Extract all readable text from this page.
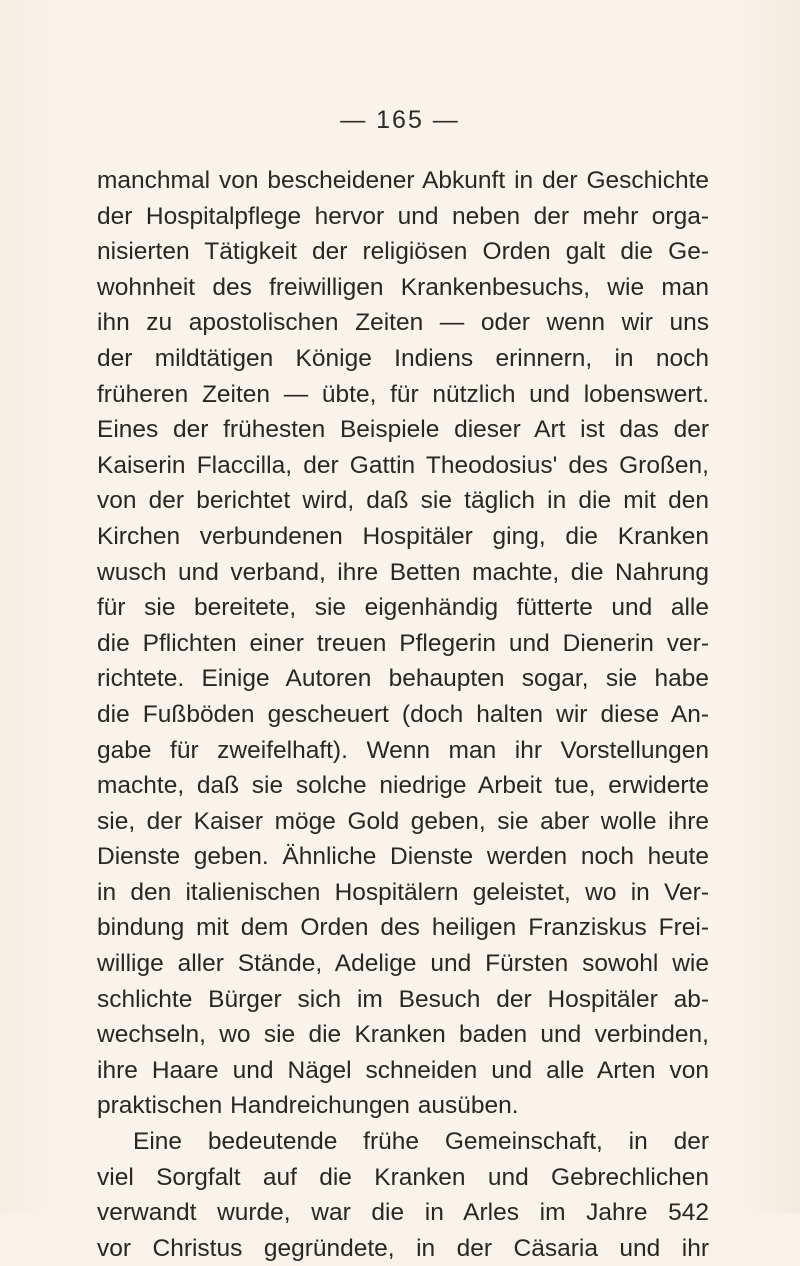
— 165 —
manchmal von bescheidener Abkunft in der Geschichte
der Hospitalpflege hervor und neben der mehr orga-
nisierten Tätigkeit der religiösen Orden galt die Ge-
wohnheit des freiwilligen Krankenbesuchs, wie man
ihn zu apostolischen Zeiten — oder wenn wir uns
der mildtätigen Könige Indiens erinnern, in noch
früheren Zeiten — übte, für nützlich und lobenswert.
Eines der frühesten Beispiele dieser Art ist das der
Kaiserin Flaccilla, der Gattin Theodosius' des Großen,
von der berichtet wird, daß sie täglich in die mit den
Kirchen verbundenen Hospitäler ging, die Kranken
wusch und verband, ihre Betten machte, die Nahrung
für sie bereitete, sie eigenhändig fütterte und alle
die Pflichten einer treuen Pflegerin und Dienerin ver-
richtete. Einige Autoren behaupten sogar, sie habe
die Fußböden gescheuert (doch halten wir diese An-
gabe für zweifelhaft). Wenn man ihr Vorstellungen
machte, daß sie solche niedrige Arbeit tue, erwiderte
sie, der Kaiser möge Gold geben, sie aber wolle ihre
Dienste geben. Ähnliche Dienste werden noch heute
in den italienischen Hospitälern geleistet, wo in Ver-
bindung mit dem Orden des heiligen Franziskus Frei-
willige aller Stände, Adelige und Fürsten sowohl wie
schlichte Bürger sich im Besuch der Hospitäler ab-
wechseln, wo sie die Kranken baden und verbinden,
ihre Haare und Nägel schneiden und alle Arten von
praktischen Handreichungen ausüben.
Eine bedeutende frühe Gemeinschaft, in der
viel Sorgfalt auf die Kranken und Gebrechlichen
verwandt wurde, war die in Arles im Jahre 542
vor Christus gegründete, in der Cäsaria und ihr
